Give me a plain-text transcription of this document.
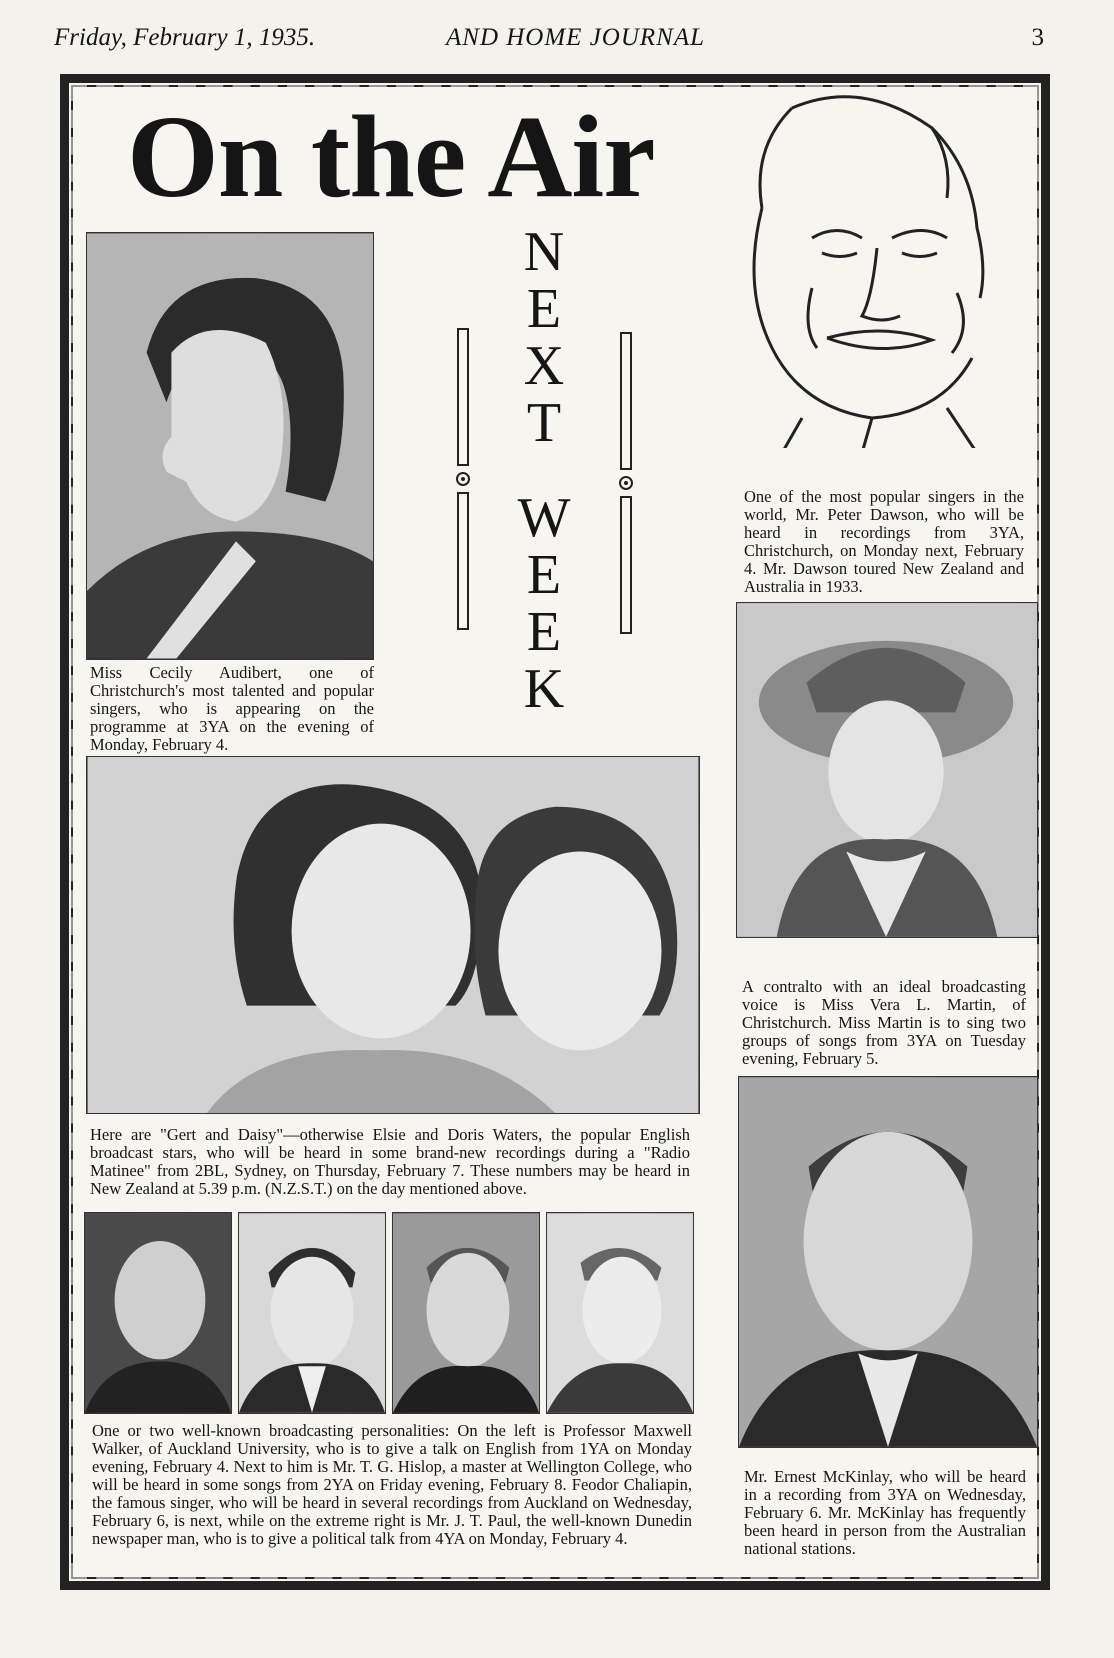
Friday, February 1, 1935.	AND HOME JOURNAL	3
On the Air
N
E
X
T
W
E
E
K
Miss Cecily Audibert, one of Christchurch's most talented and popular singers, who is appearing on the programme at 3YA on the evening of Monday, February 4.
One of the most popular singers in the world, Mr. Peter Dawson, who will be heard in recordings from 3YA, Christchurch, on Monday next, February 4. Mr. Dawson toured New Zealand and Australia in 1933.
A contralto with an ideal broadcasting voice is Miss Vera L. Martin, of Christchurch. Miss Martin is to sing two groups of songs from 3YA on Tuesday evening, February 5.
Here are "Gert and Daisy"—otherwise Elsie and Doris Waters, the popular English broadcast stars, who will be heard in some brand-new recordings during a "Radio Matinee" from 2BL, Sydney, on Thursday, February 7. These numbers may be heard in New Zealand at 5.39 p.m. (N.Z.S.T.) on the day mentioned above.
One or two well-known broadcasting personalities: On the left is Professor Maxwell Walker, of Auckland University, who is to give a talk on English from 1YA on Monday evening, February 4. Next to him is Mr. T. G. Hislop, a master at Wellington College, who will be heard in some songs from 2YA on Friday evening, February 8. Feodor Chaliapin, the famous singer, who will be heard in several recordings from Auckland on Wednesday, February 6, is next, while on the extreme right is Mr. J. T. Paul, the well-known Dunedin newspaper man, who is to give a political talk from 4YA on Monday, February 4.
Mr. Ernest McKinlay, who will be heard in a recording from 3YA on Wednesday, February 6. Mr. McKinlay has frequently been heard in person from the Australian national stations.
